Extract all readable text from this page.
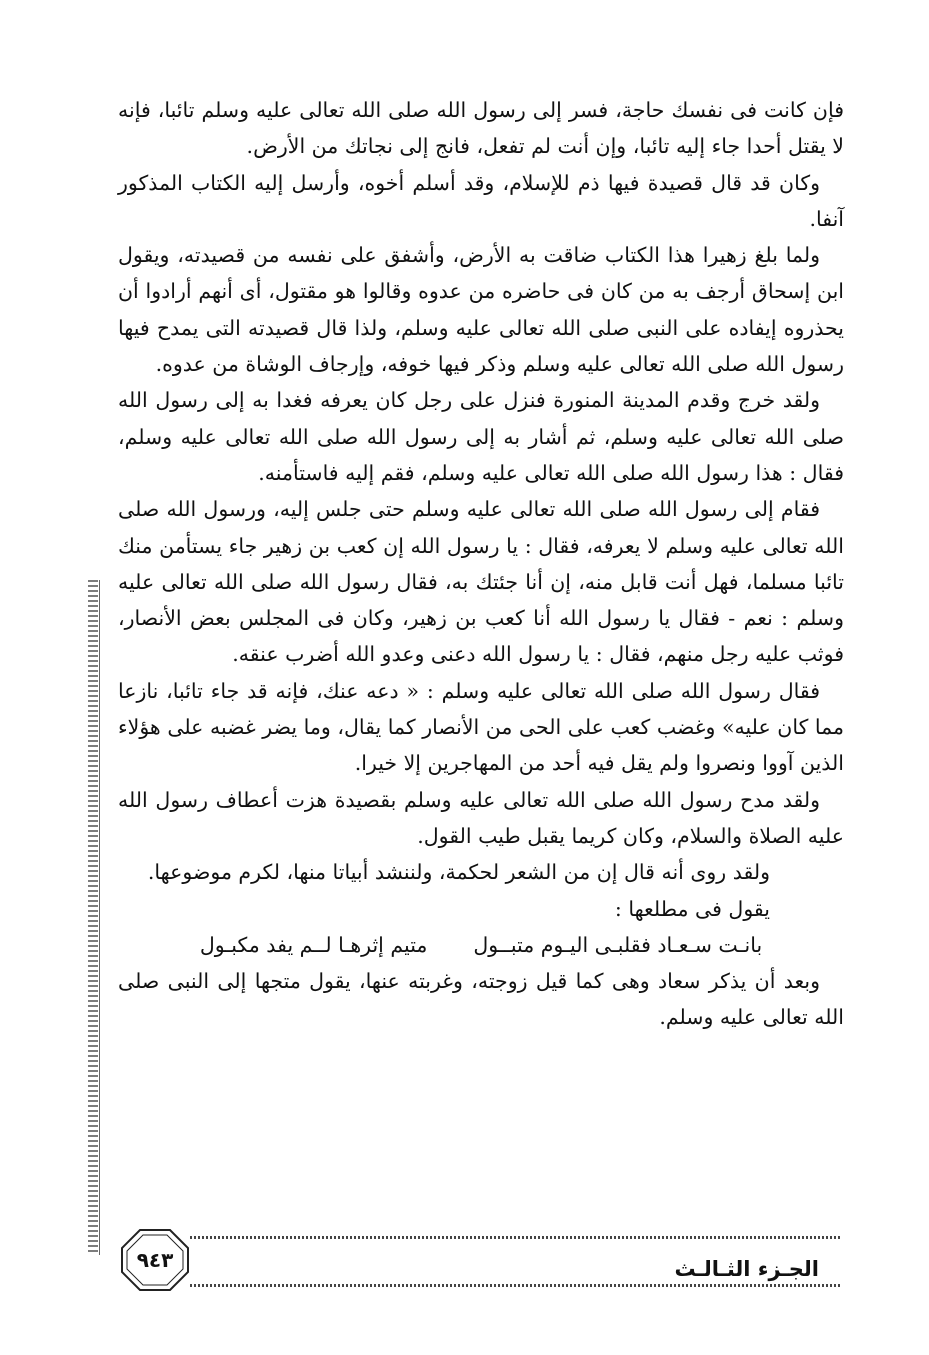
فإن كانت فى نفسك حاجة، فسر إلى رسول الله صلى الله تعالى عليه وسلم تائبا، فإنه لا يقتل أحدا جاء إليه تائبا، وإن أنت لم تفعل، فانج إلى نجاتك من الأرض.

وكان قد قال قصيدة فيها ذم للإسلام، وقد أسلم أخوه، وأرسل إليه الكتاب المذكور آنفا.

ولما بلغ زهيرا هذا الكتاب ضاقت به الأرض، وأشفق على نفسه من قصيدته، ويقول ابن إسحاق أرجف به من كان فى حاضره من عدوه وقالوا هو مقتول، أى أنهم أرادوا أن يحذروه إيفاده على النبى صلى الله تعالى عليه وسلم، ولذا قال قصيدته التى يمدح فيها رسول الله صلى الله تعالى عليه وسلم وذكر فيها خوفه، وإرجاف الوشاة من عدوه.

ولقد خرج وقدم المدينة المنورة فنزل على رجل كان يعرفه فغدا به إلى رسول الله صلى الله تعالى عليه وسلم، ثم أشار به إلى رسول الله صلى الله تعالى عليه وسلم، فقال : هذا رسول الله صلى الله تعالى عليه وسلم، فقم إليه فاستأمنه.

فقام إلى رسول الله صلى الله تعالى عليه وسلم حتى جلس إليه، ورسول الله صلى الله تعالى عليه وسلم لا يعرفه، فقال : يا رسول الله إن كعب بن زهير جاء يستأمن منك تائبا مسلما، فهل أنت قابل منه، إن أنا جئتك به، فقال رسول الله صلى الله تعالى عليه وسلم : نعم - فقال يا رسول الله أنا كعب بن زهير، وكان فى المجلس بعض الأنصار، فوثب عليه رجل منهم، فقال : يا رسول الله دعنى وعدو الله أضرب عنقه.

فقال رسول الله صلى الله تعالى عليه وسلم : « دعه عنك، فإنه قد جاء تائبا، نازعا مما كان عليه» وغضب كعب على الحى من الأنصار كما يقال، وما يضر غضبه على هؤلاء الذين آووا ونصروا ولم يقل فيه أحد من المهاجرين إلا خيرا.

ولقد مدح رسول الله صلى الله تعالى عليه وسلم بقصيدة هزت أعطاف رسول الله عليه الصلاة والسلام، وكان كريما يقبل طيب القول.

ولقد روى أنه قال إن من الشعر لحكمة، ولننشد أبياتا منها، لكرم موضوعها.

يقول فى مطلعها :

بانـت سـعـاد فقلبـى اليـوم متبــول
متيم إثرهـا لــم يفد مكبـول

وبعد أن يذكر سعاد وهى كما قيل زوجته، وغربته عنها، يقول متجها إلى النبى صلى الله تعالى عليه وسلم.

٩٤٣	الجـزء الثـالـث
